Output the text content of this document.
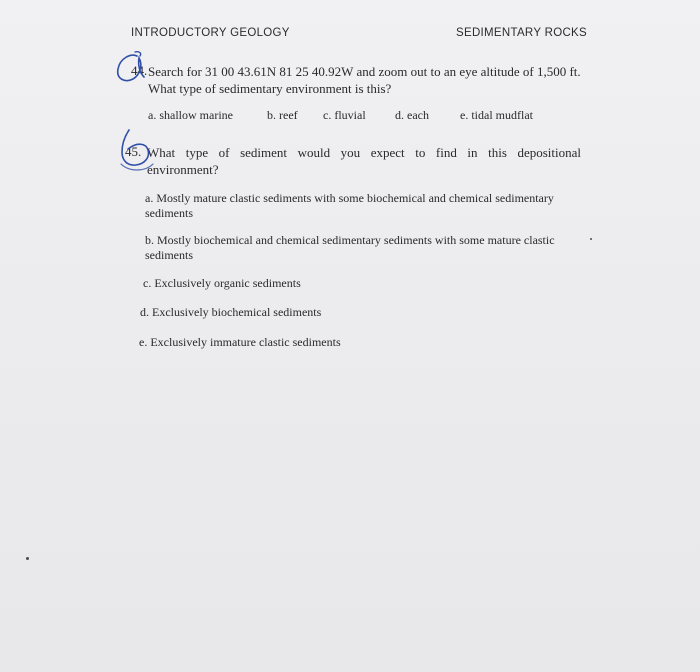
INTRODUCTORY GEOLOGY	SEDIMENTARY ROCKS
44. Search for 31 00 43.61N 81 25 40.92W and zoom out to an eye altitude of 1,500 ft. What type of sedimentary environment is this?
a. shallow marine	b. reef c. fluvial d. each	e. tidal mudflat
45. What type of sediment would you expect to find in this depositional environment?
a. Mostly mature clastic sediments with some biochemical and chemical sedimentary sediments
b. Mostly biochemical and chemical sedimentary sediments with some mature clastic sediments
c. Exclusively organic sediments
d. Exclusively biochemical sediments
e. Exclusively immature clastic sediments
